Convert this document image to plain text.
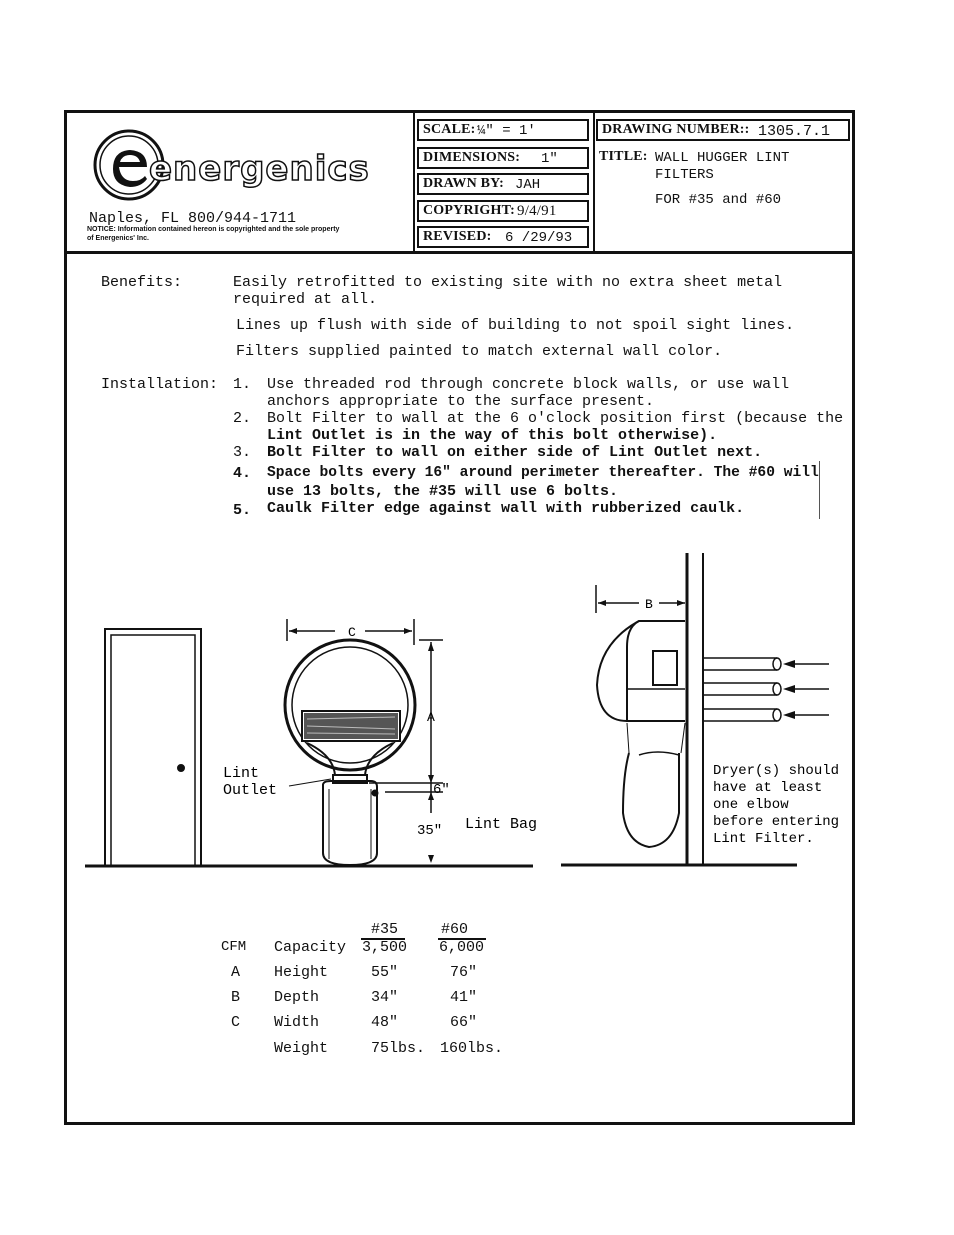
energenics
Naples, FL 800/944-1711
NOTICE: Information contained hereon is copyrighted and the sole property
of Energenics' Inc.
SCALE: ¼" = 1'
DIMENSIONS: 1"
DRAWN BY: JAH
COPYRIGHT: 9/4/91
REVISED: 6 /29/93
DRAWING NUMBER:: 1305.7.1
TITLE: WALL HUGGER LINT
FILTERS
FOR #35 and #60
Benefits:	Easily retrofitted to existing site with no extra sheet metal
required at all.
Lines up flush with side of building to not spoil sight lines.
Filters supplied painted to match external wall color.
Installation: 1. Use threaded rod through concrete block walls, or use wall
anchors appropriate to the surface present.
2. Bolt Filter to wall at the 6 o'clock position first (because the
Lint Outlet is in the way of this bolt otherwise).
3. Bolt Filter to wall on either side of Lint Outlet next.
4. Space bolts every 16" around perimeter thereafter. The #60 will
use 13 bolts, the #35 will use 6 bolts.
5. Caulk Filter edge against wall with rubberized caulk.
C
A
B
6"
35"
Lint
Outlet
Lint Bag
Dryer(s) should
have at least
one elbow
before entering
Lint Filter.
#35	#60
CFM Capacity 3,500 6,000
A Height	55"	76"
B Depth	34"	41"
C Width	48"	66"
Weight	75lbs. 160lbs.
